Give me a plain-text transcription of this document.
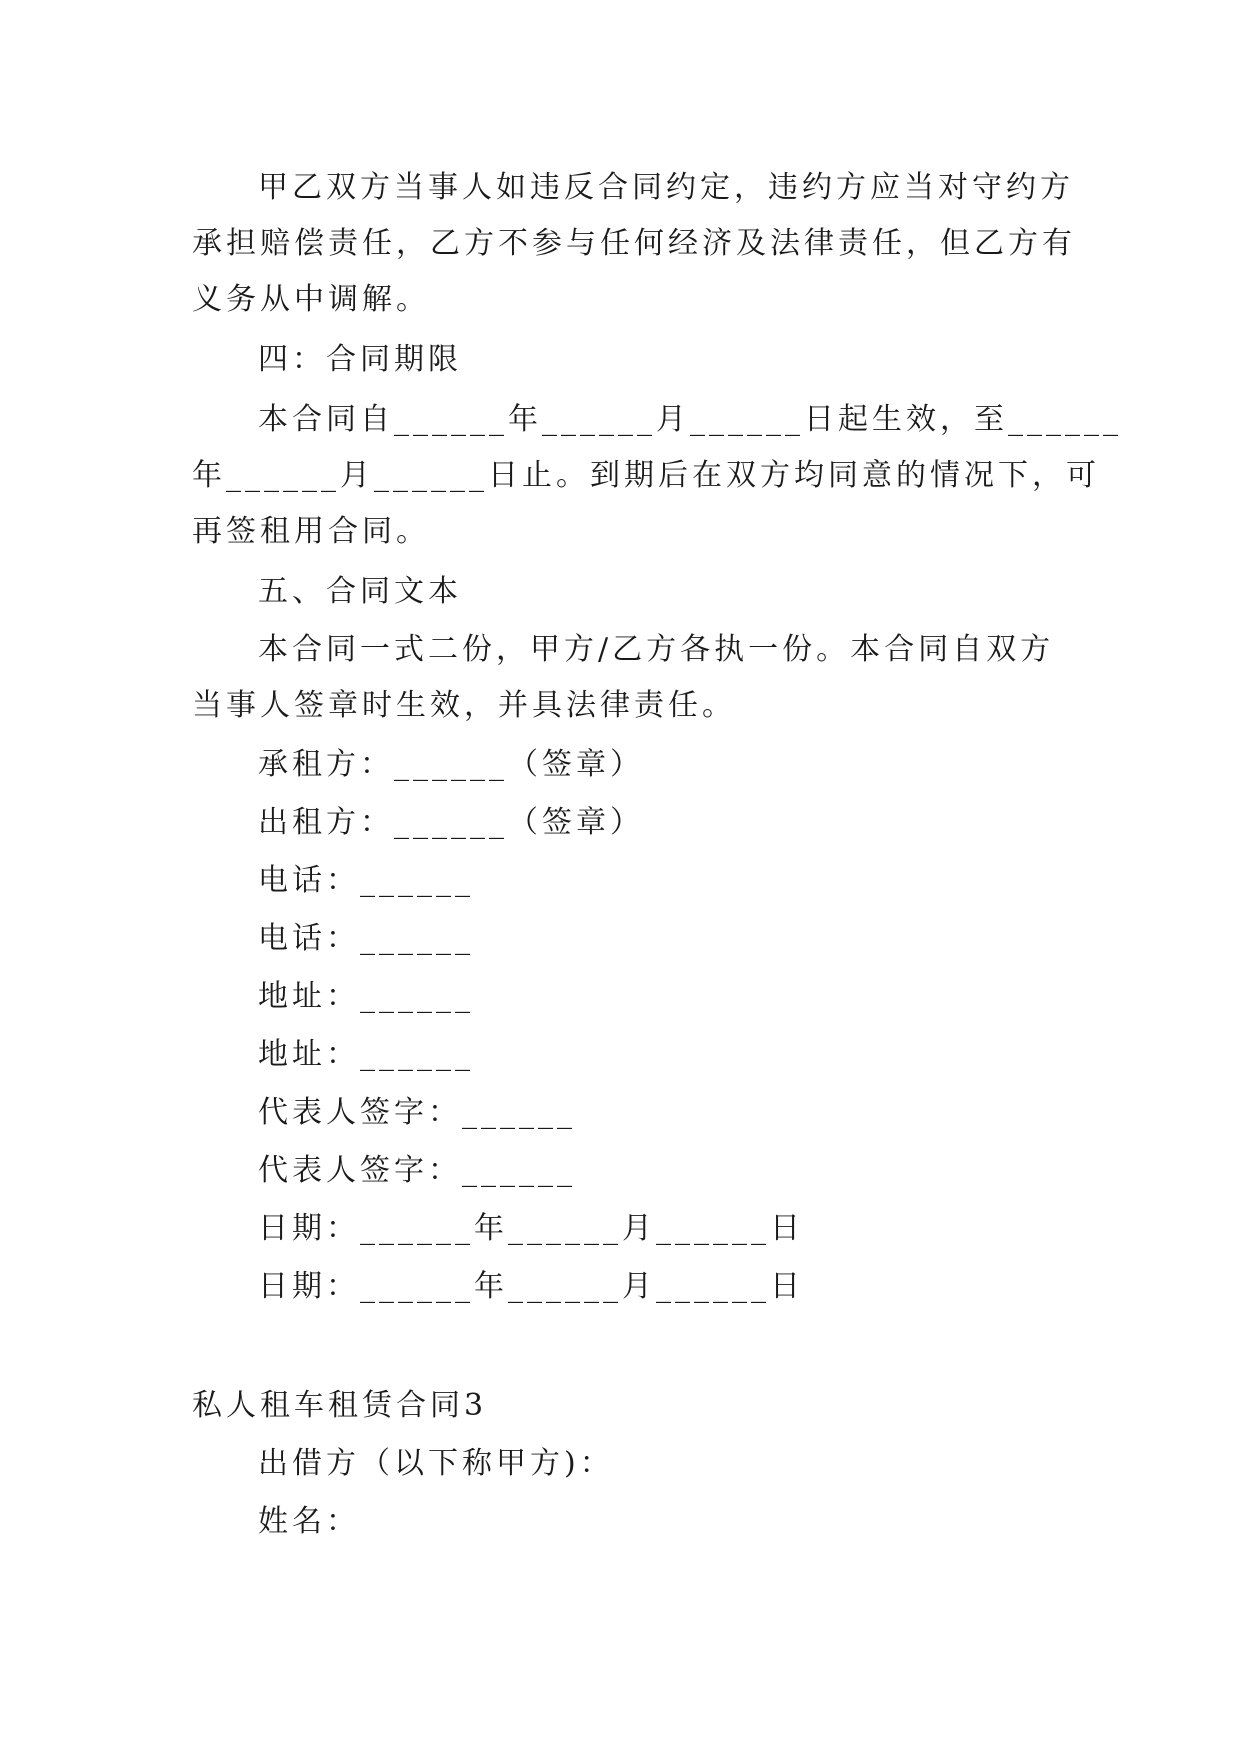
甲乙双方当事人如违反合同约定，违约方应当对守约方
承担赔偿责任，乙方不参与任何经济及法律责任，但乙方有
义务从中调解。
四：合同期限
本合同自______年______月______日起生效，至______
年______月______日止。到期后在双方均同意的情况下，可
再签租用合同。
五、合同文本
本合同一式二份，甲方/乙方各执一份。本合同自双方
当事人签章时生效，并具法律责任。
承租方：______（签章）
出租方：______（签章）
电话：______
电话：______
地址：______
地址：______
代表人签字：______
代表人签字：______
日期：______年______月______日
日期：______年______月______日
私人租车租赁合同3
出借方（以下称甲方)：
姓名：
